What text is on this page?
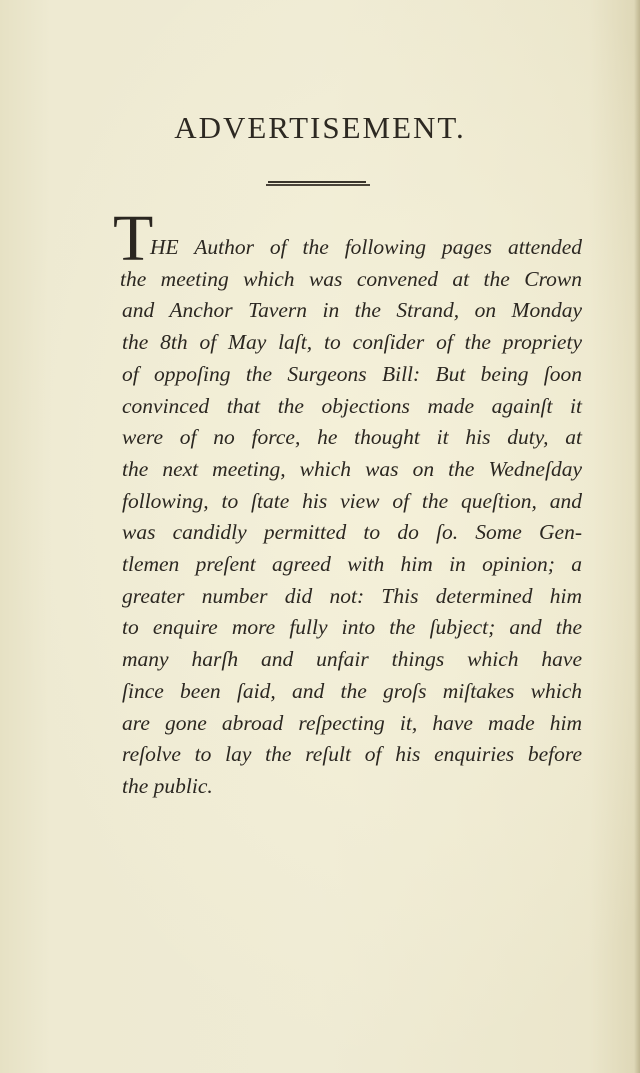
ADVERTISEMENT.
T
HE Author of the following pages attended
the meeting which was convened at the Crown
and Anchor Tavern in the Strand, on Monday
the 8th of May laſt, to conſider of the propriety
of oppoſing the Surgeons Bill: But being ſoon
convinced that the objections made againſt it
were of no force, he thought it his duty, at
the next meeting, which was on the Wedneſday
following, to ſtate his view of the queſtion, and
was candidly permitted to do ſo. Some Gen-
tlemen preſent agreed with him in opinion; a
greater number did not: This determined him
to enquire more fully into the ſubject; and the
many harſh and unfair things which have
ſince been ſaid, and the groſs miſtakes which
are gone abroad reſpecting it, have made him
reſolve to lay the reſult of his enquiries before
the public.
